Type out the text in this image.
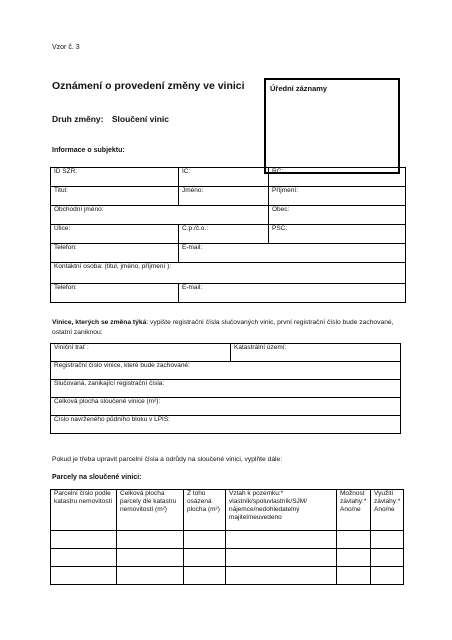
Vzor č. 3
Oznámení o provedení změny ve vinici	Úřední záznamy
Druh změny: Sloučení vinic
Informace o subjektu:
ID SZR:	IČ:	RČ:
Titul:	Jméno:	Příjmení:
Obchodní jméno:		Obec:
Ulice:	Č.p./č.o.:	PSČ:
Telefon:	E-mail:	
Kontaktní osoba: (titul, jméno, příjmení ):		
Telefon:	E-mail:	
Vinice, kterých se změna týká: vypište registrační čísla slučovaných vinic, první registrační číslo bude zachované, ostatní zaniknou:
Viniční trať :	Katastrální území:
Registrační číslo vinice, které bude zachované:
Slučovaná, zanikající registrační čísla:
Celková plocha sloučené vinice (m²):
Číslo navrženého půdního bloku v LPIS:
Pokud je třeba upravit parcelní čísla a odrůdy na sloučené vinici, vyplňte dále:
Parcely na sloučené vinici:
Parcelní číslo podle katastru nemovitostí	Celková plocha parcely dle katastru nemovitostí (m²)	Z toho osázená plocha (m²)	Vztah k pozemku:* vlastník/spoluvlastník/SJM/ nájemce/nedohledatelný majitel/neuvedeno	Možnost závlahy:* Ano/ne	Využití závlahy:* Ano/ne
